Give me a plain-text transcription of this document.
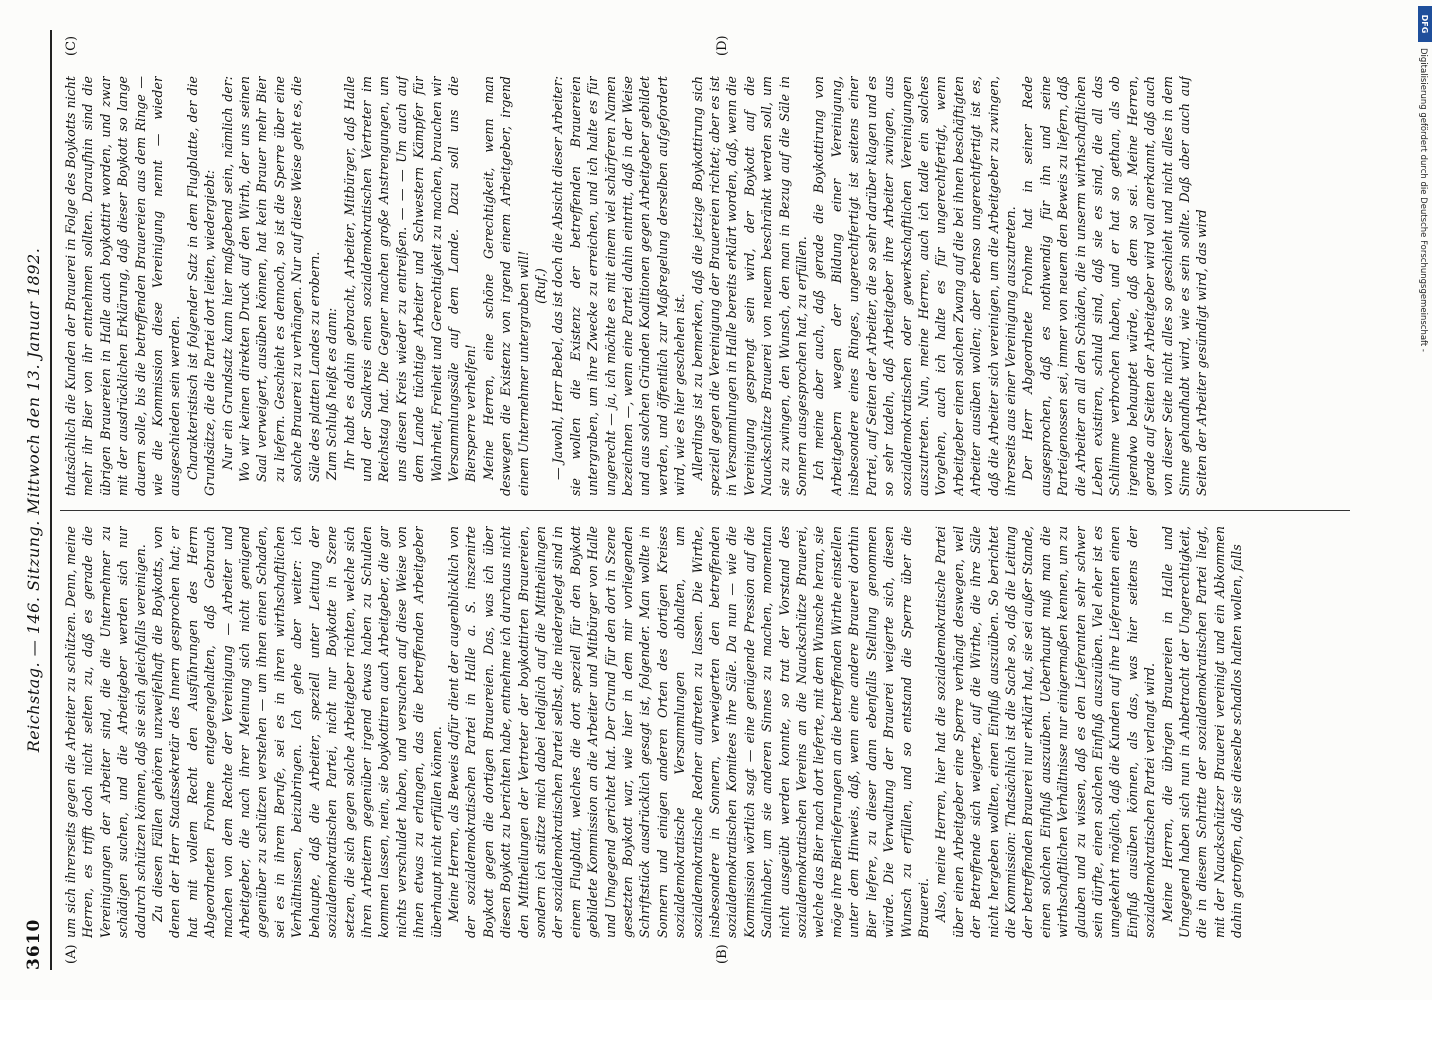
3610
Reichstag. — 146. Sitzung. Mittwoch den 13. Januar 1892.
(A)	(B)
(C)	(D)

um sich ihrerseits gegen die Arbeiter zu schützen. Denn, meine Herren, es trifft doch nicht selten zu, daß es gerade die Vereinigungen der Arbeiter sind, die die Unternehmer zu schädigen suchen, und die Arbeitgeber werden sich nur dadurch schützen können, daß sie sich gleichfalls vereinigen. Zu diesen Fällen gehören unzweifelhaft die Boykotts, von denen der Herr Staatssekretär des Innern gesprochen hat; er hat mit vollem Recht den Ausführungen des Herrn Abgeordneten Frohme entgegengehalten, daß Gebrauch machen von dem Rechte der Vereinigung — Arbeiter und Arbeitgeber, die nach ihrer Meinung sich nicht genügend gegenüber zu schützen verstehen — um ihnen einen Schaden, sei es in ihrem Berufe, sei es in ihren wirthschaftlichen Verhältnissen, beizubringen. Ich gehe aber weiter: ich behaupte, daß die Arbeiter, speziell unter Leitung der sozialdemokratischen Partei, nicht nur Boykotte in Szene setzen, die sich gegen solche Arbeitgeber richten, welche sich ihren Arbeitern gegenüber irgend etwas haben zu Schulden kommen lassen, nein, sie boykottiren auch Arbeitgeber, die gar nichts verschuldet haben, und versuchen auf diese Weise von ihnen etwas zu erlangen, das die betreffenden Arbeitgeber überhaupt nicht erfüllen können. Meine Herren, als Beweis dafür dient der augenblicklich von der sozialdemokratischen Partei in Halle a. S. inszenirte Boykott gegen die dortigen Brauereien. Das, was ich über diesen Boykott zu berichten habe, entnehme ich durchaus nicht den Mittheilungen der Vertreter der boykottirten Brauereien, sondern ich stütze mich dabei lediglich auf die Mittheilungen der sozialdemokratischen Partei selbst, die niedergelegt sind in einem Flugblatt, welches die dort speziell für den Boykott gebildete Kommission an die Arbeiter und Mitbürger von Halle und Umgegend gerichtet hat. Der Grund für den dort in Szene gesetzten Boykott war, wie hier in dem mir vorliegenden Schriftstück ausdrücklich gesagt ist, folgender. Man wollte in Sonnern und einigen anderen Orten des dortigen Kreises sozialdemokratische Versammlungen abhalten, um sozialdemokratische Redner auftreten zu lassen. Die Wirthe, insbesondere in Sonnern, verweigerten den betreffenden sozialdemokratischen Komitees ihre Säle. Da nun — wie die Kommission wörtlich sagt — eine genügende Pression auf die Saalinhaber, um sie anderen Sinnes zu machen, momentan nicht ausgeübt werden konnte, so trat der Vorstand des sozialdemokratischen Vereins an die Nauckschütze Brauerei, welche das Bier nach dort lieferte, mit dem Wunsche heran, sie möge ihre Bierlieferungen an die betreffenden Wirthe einstellen unter dem Hinweis, daß, wenn eine andere Brauerei dorthin Bier liefere, zu dieser dann ebenfalls Stellung genommen würde. Die Verwaltung der Brauerei weigerte sich, diesen Wunsch zu erfüllen, und so entstand die Sperre über die Brauerei. Also, meine Herren, hier hat die sozialdemokratische Partei über einen Arbeitgeber eine Sperre verhängt deswegen, weil der Betreffende sich weigerte, auf die Wirthe, die ihre Säle nicht hergeben wollten, einen Einfluß auszuüben. So berichtet die Kommission: Thatsächlich ist die Sache so, daß die Leitung der betreffenden Brauerei nur erklärt hat, sie sei außer Stande, einen solchen Einfluß auszuüben. Ueberhaupt muß man die wirthschaftlichen Verhältnisse nur einigermaßen kennen, um zu glauben und zu wissen, daß es den Lieferanten sehr schwer sein dürfte, einen solchen Einfluß auszuüben. Viel eher ist es umgekehrt möglich, daß die Kunden auf ihre Lieferanten einen Einfluß ausüben können, als das, was hier seitens der sozialdemokratischen Partei verlangt wird. Meine Herren, die übrigen Brauereien in Halle und Umgegend haben sich nun in Anbetracht der Ungerechtigkeit, die in diesem Schritte der sozialdemokratischen Partei liegt, mit der Nauckschützer Brauerei vereinigt und ein Abkommen dahin getroffen, daß sie dieselbe schadlos halten wollen, falls

thatsächlich die Kunden der Brauerei in Folge des Boykotts nicht mehr ihr Bier von ihr entnehmen sollten. Daraufhin sind die übrigen Brauereien in Halle auch boykottirt worden, und zwar mit der ausdrücklichen Erklärung, daß dieser Boykott so lange dauern solle, bis die betreffenden Brauereien aus dem Ringe — wie die Kommission diese Vereinigung nennt — wieder ausgeschieden sein werden. Charakteristisch ist folgender Satz in dem Flugblatte, der die Grundsätze, die die Partei dort leiten, wiedergiebt: Nur ein Grundsatz kann hier maßgebend sein, nämlich der: Wo wir keinen direkten Druck auf den Wirth, der uns seinen Saal verweigert, ausüben können, hat kein Brauer mehr Bier zu liefern. Geschieht es dennoch, so ist die Sperre über eine solche Brauerei zu verhängen. Nur auf diese Weise geht es, die Säle des platten Landes zu erobern. Zum Schluß heißt es dann: Ihr habt es dahin gebracht, Arbeiter, Mitbürger, daß Halle und der Saalkreis einen sozialdemokratischen Vertreter im Reichstag hat. Die Gegner machen große Anstrengungen, um uns diesen Kreis wieder zu entreißen. — — — Um auch auf dem Lande tüchtige Arbeiter und Schwestern Kämpfer für Wahrheit, Freiheit und Gerechtigkeit zu machen, brauchen wir Versammlungssäle auf dem Lande. Dazu soll uns die Biersperre verhelfen! Meine Herren, eine schöne Gerechtigkeit, wenn man deswegen die Existenz von irgend einem Arbeitgeber, irgend einem Unternehmer untergraben will! (Ruf.) — Jawohl, Herr Bebel, das ist doch die Absicht dieser Arbeiter: sie wollen die Existenz der betreffenden Brauereien untergraben, um ihre Zwecke zu erreichen, und ich halte es für ungerecht — ja, ich möchte es mit einem viel schärferen Namen bezeichnen —, wenn eine Partei dahin eintritt, daß in der Weise und aus solchen Gründen Koalitionen gegen Arbeitgeber gebildet werden, und öffentlich zur Maßregelung derselben aufgefordert wird, wie es hier geschehen ist. Allerdings ist zu bemerken, daß die jetzige Boykottirung sich speziell gegen die Vereinigung der Brauereien richtet; aber es ist in Versammlungen in Halle bereits erklärt worden, daß, wenn die Vereinigung gesprengt sein wird, der Boykott auf die Nauckschütze Brauerei von neuem beschränkt werden soll, um sie zu zwingen, den Wunsch, den man in Bezug auf die Säle in Sonnern ausgesprochen hat, zu erfüllen. Ich meine aber auch, daß gerade die Boykottirung von Arbeitgebern wegen der Bildung einer Vereinigung, insbesondere eines Ringes, ungerechtfertigt ist seitens einer Partei, auf Seiten der Arbeiter, die so sehr darüber klagen und es so sehr tadeln, daß Arbeitgeber ihre Arbeiter zwingen, aus sozialdemokratischen oder gewerkschaftlichen Vereinigungen auszutreten. Nun, meine Herren, auch ich tadle ein solches Vorgehen, auch ich halte es für ungerechtfertigt, wenn Arbeitgeber einen solchen Zwang auf die bei ihnen beschäftigten Arbeiter ausüben wollen; aber ebenso ungerechtfertigt ist es, daß die Arbeiter sich vereinigen, um die Arbeitgeber zu zwingen, ihrerseits aus einer Vereinigung auszutreten. Der Herr Abgeordnete Frohme hat in seiner Rede ausgesprochen, daß es nothwendig für ihn und seine Parteigenossen sei, immer von neuem den Beweis zu liefern, daß die Arbeiter an all den Schäden, die in unserm wirthschaftlichen Leben existiren, schuld sind, daß sie es sind, die all das Schlimme verbrochen haben, und er hat so gethan, als ob irgendwo behauptet würde, daß dem so sei. Meine Herren, gerade auf Seiten der Arbeitgeber wird voll anerkannt, daß auch von dieser Seite nicht alles so geschieht und nicht alles in dem Sinne gehandhabt wird, wie es sein sollte. Daß aber auch auf Seiten der Arbeiter gesündigt wird, das wird

DFG
Digitalisierung gefördert durch die Deutsche Forschungsgemeinschaft -
